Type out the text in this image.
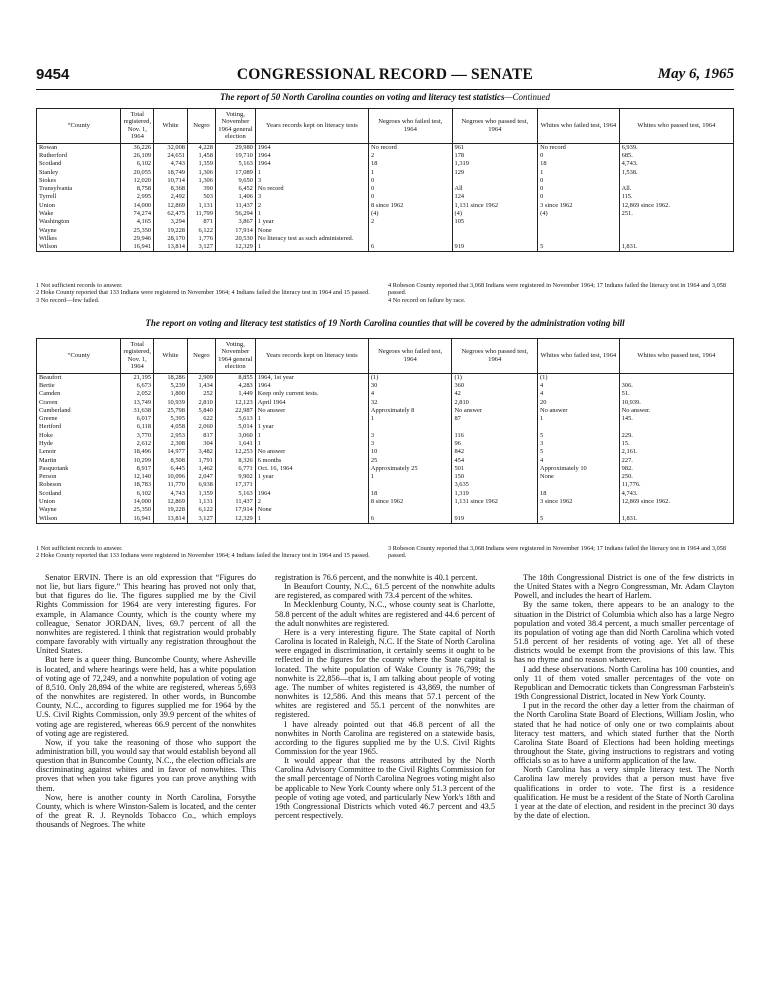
9454	CONGRESSIONAL RECORD — SENATE	May 6, 1965
The report of 50 North Carolina counties on voting and literacy test statistics—Continued
“County	Total registered, Nov. 1, 1964	White	Negro	Voting, November 1964 general election	Years records kept on literacy tests	Negroes who failed test, 1964	Negroes who passed test, 1964	Whites who failed test, 1964	Whites who passed test, 1964
Rowan	36,226	32,008	4,228	29,980	1964	No record	961	No record	6,939.
Rutherford	26,109	24,651	1,458	19,710	1964	2	178	0	685.
Scotland	6,102	4,743	1,359	5,163	1964	18	1,319	18	4,743.
Stanley	20,055	18,749	1,306	17,089	1	1	129	1	1,538.
Stokes	12,020	10,714	1,306	9,650	3	0		0	
Transylvania	8,758	8,368	390	6,452	No record	0	All	0	All.
Tyrrell	2,995	2,492	503	1,406	3	0	124	0	115.
Union	14,000	12,869	1,131	11,437	2	8 since 1962	1,131 since 1962	3 since 1962	12,869 since 1962.
Wake	74,274	62,475	11,799	56,294	1	(4)	(4)	(4)	251.
Washington	4,165	3,294	871	3,867	1 year	2	105		
Wayne	25,350	19,228	6,122	17,914	None				
Wilkes	29,946	28,170	1,776	20,530	No literacy test as such administered.				

Wilson	16,941	13,814	3,127	12,329	1	6	919	5	1,831.
1 Not sufficient records to answer.
2 Hoke County reported that 133 Indians were registered in November 1964; 4 Indians failed the literacy test in 1964 and 15 passed.
3 No record—few failed.
4 Robeson County reported that 3,068 Indians were registered in November 1964; 17 Indians failed the literacy test in 1964 and 3,058 passed.
4 No record on failure by race.
The report on voting and literacy test statistics of 19 North Carolina counties that will be covered by the administration voting bill
“County	Total registered, Nov. 1, 1964	White	Negro	Voting, November 1964 general election	Years records kept on literacy tests	Negroes who failed test, 1964	Negroes who passed test, 1964	Whites who failed test, 1964	Whites who passed test, 1964
Beaufort	21,195	18,286	2,909	8,855	1964, 1st year	(1)	(1)	(1)	
Bertie	6,673	5,239	1,434	4,283	1964	30	360	4	306.
Camden	2,052	1,800	252	1,449	Keep only current tests.	4	42	4	51.
Craven	13,749	10,939	2,810	12,123	April 1964	32	2,810	20	10,939.
Cumberland	31,638	25,798	5,840	22,987	No answer	Approximately 8	No answer	No answer	No answer.
Greene	6,017	5,395	622	5,613	1	1	87	1	145.
Hertford	6,118	4,058	2,060	5,014	1 year				
Hoke	3,770	2,953	817	3,060	1	3	116	5	229.
Hyde	2,612	2,308	304	1,641	1	3	96	3	15.
Lenoir	18,496	14,977	3,482	12,253	No answer	10	842	5	2,161.
Martin	10,299	8,508	1,791	8,326	6 months	25	454	4	227.
Pasquotank	8,917	6,445	1,462	6,771	Oct. 16, 1964	Approximately 25	501	Approximately 10	982.
Person	12,140	10,096	2,047	9,902	1 year	1	150	None	250.
Robeson	18,783	11,770	6,938	17,371			3,635		11,776.
Scotland	6,102	4,743	1,359	5,163	1964	18	1,319	18	4,743.
Union	14,000	12,869	1,131	11,437	2	8 since 1962	1,131 since 1962	3 since 1962	12,869 since 1962.
Wayne	25,350	19,228	6,122	17,914	None				
Wilson	16,941	13,814	3,127	12,329	1	6	919	5	1,831.
1 Not sufficient records to answer.
2 Hoke County reported that 133 Indians were registered in November 1964; 4 Indians failed the literacy test in 1964 and 15 passed.
3 Robeson County reported that 3,068 Indians were registered in November 1964; 17 Indians failed the literacy test in 1964 and 3,058 passed.

Senator ERVIN. There is an old expression that “Figures do not lie, but liars figure.” This hearing has proved not only that, but that figures do lie. The figures supplied me by the Civil Rights Commission for 1964 are very interesting figures. For example, in Alamance County, which is the county where my colleague, Senator JORDAN, lives, 69.7 percent of all the nonwhites are registered. I think that registration would probably compare favorably with virtually any registration throughout the United States.

But here is a queer thing. Buncombe County, where Asheville is located, and where hearings were held, has a white population of voting age of 72,249, and a nonwhite population of voting age of 8,510. Only 28,894 of the white are registered, whereas 5,693 of the nonwhites are registered. In other words, in Buncombe County, N.C., according to figures supplied me for 1964 by the U.S. Civil Rights Commission, only 39.9 percent of the whites of voting age are registered, whereas 66.9 percent of the nonwhites of voting age are registered.

Now, if you take the reasoning of those who support the administration bill, you would say that would establish beyond all question that in Buncombe County, N.C., the election officials are discriminating against whites and in favor of nonwhites. This proves that when you take figures you can prove anything with them.

Now, here is another county in North Carolina, Forsythe County, which is where Winston-Salem is located, and the center of the great R. J. Reynolds Tobacco Co., which employs thousands of Negroes. The white

registration is 76.6 percent, and the nonwhite is 40.1 percent.

In Beaufort County, N.C., 61.5 percent of the nonwhite adults are registered, as compared with 73.4 percent of the whites.

In Mecklenburg County, N.C., whose county seat is Charlotte, 58.8 percent of the adult whites are registered and 44.6 percent of the adult nonwhites are registered.

Here is a very interesting figure. The State capital of North Carolina is located in Raleigh, N.C. If the State of North Carolina were engaged in discrimination, it certainly seems it ought to be reflected in the figures for the county where the State capital is located. The white population of Wake County is 76,799; the nonwhite is 22,856—that is, I am talking about people of voting age. The number of whites registered is 43,869, the number of nonwhites is 12,586. And this means that 57.1 percent of the whites are registered and 55.1 percent of the nonwhites are registered.

I have already pointed out that 46.8 percent of all the nonwhites in North Carolina are registered on a statewide basis, according to the figures supplied me by the U.S. Civil Rights Commission for the year 1965.

It would appear that the reasons attributed by the North Carolina Advisory Committee to the Civil Rights Commission for the small percentage of North Carolina Negroes voting might also be applicable to New York County where only 51.3 percent of the people of voting age voted, and particularly New York's 18th and 19th Congressional Districts which voted 46.7 percent and 43.5 percent respectively.

The 18th Congressional District is one of the few districts in the United States with a Negro Congressman, Mr. Adam Clayton Powell, and includes the heart of Harlem.

By the same token, there appears to be an analogy to the situation in the District of Columbia which also has a large Negro population and voted 38.4 percent, a much smaller percentage of its population of voting age than did North Carolina which voted 51.8 percent of her residents of voting age. Yet all of these districts would be exempt from the provisions of this law. This has no rhyme and no reason whatever.

I add these observations. North Carolina has 100 counties, and only 11 of them voted smaller percentages of the vote on Republican and Democratic tickets than Congressman Farbstein's 19th Congressional District, located in New York County.

I put in the record the other day a letter from the chairman of the North Carolina State Board of Elections, William Joslin, who stated that he had notice of only one or two complaints about literacy test matters, and which stated further that the North Carolina State Board of Elections had been holding meetings throughout the State, giving instructions to registrars and voting officials so as to have a uniform application of the law.

North Carolina has a very simple literacy test. The North Carolina law merely provides that a person must have five qualifications in order to vote. The first is a residence qualification. He must be a resident of the State of North Carolina 1 year at the date of election, and resident in the precinct 30 days by the date of election.
